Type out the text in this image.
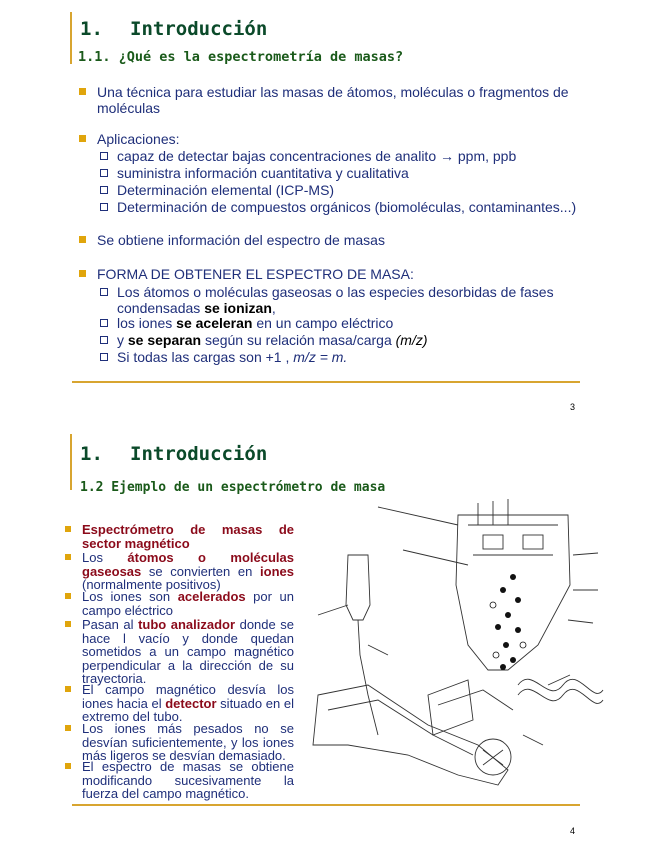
1. Introducción
1.1. ¿Qué es la espectrometría de masas?
Una técnica para estudiar las masas de átomos, moléculas o fragmentos de
moléculas
Aplicaciones:
capaz de detectar bajas concentraciones de analito → ppm, ppb
suministra información cuantitativa y cualitativa
Determinación elemental (ICP-MS)
Determinación de compuestos orgánicos (biomoléculas, contaminantes...)
Se obtiene información del espectro de masas
FORMA DE OBTENER EL ESPECTRO DE MASA:
Los átomos o moléculas gaseosas o las especies desorbidas de fases
condensadas se ionizan,
los iones se aceleran en un campo eléctrico
y se separan según su relación masa/carga (m/z)
Si todas las cargas son +1 , m/z = m.
3
1. Introducción
1.2 Ejemplo de un espectrómetro de masa
Espectrómetro de masas de sector magnético
Los átomos o moléculas gaseosas se convierten en iones (normalmente positivos)
Los iones son acelerados por un campo eléctrico
Pasan al tubo analizador donde se hace l vacío y donde quedan sometidos a un campo magnético perpendicular a la dirección de su trayectoria.
El campo magnético desvía los iones hacia el detector situado en el extremo del tubo.
Los iones más pesados no se desvían suficientemente, y los iones más ligeros se desvían demasiado.
El espectro de masas se obtiene modificando sucesivamente la fuerza del campo magnético.
4
